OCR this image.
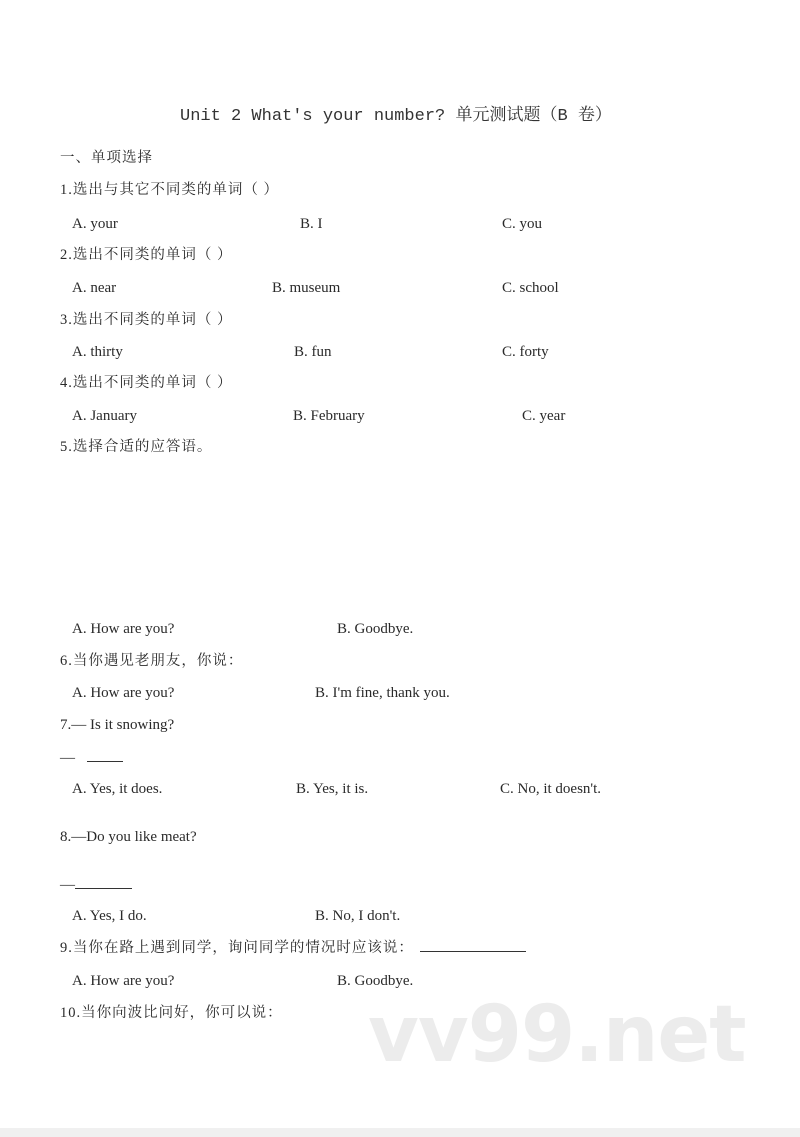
Unit 2 What's your number? 单元测试题（B 卷）
一、单项选择
1.选出与其它不同类的单词（ ）
A. your	B. I	C. you
2.选出不同类的单词（ ）
A. near	B. museum	C. school
3.选出不同类的单词（ ）
A. thirty	B. fun	C. forty
4.选出不同类的单词（ ）
A. January	B. February	C. year
5.选择合适的应答语。
A. How are you?	B. Goodbye.
6.当你遇见老朋友，你说：
A. How are you?	B. I'm fine, thank you.
7.— Is it snowing?
—
A. Yes, it does.	B. Yes, it is.	C. No, it doesn't.
8.—Do you like meat?
—
A. Yes, I do.	B. No, I don't.
9.当你在路上遇到同学，询问同学的情况时应该说：
A. How are you?	B. Goodbye.
10.当你向波比问好，你可以说： vv99.net
